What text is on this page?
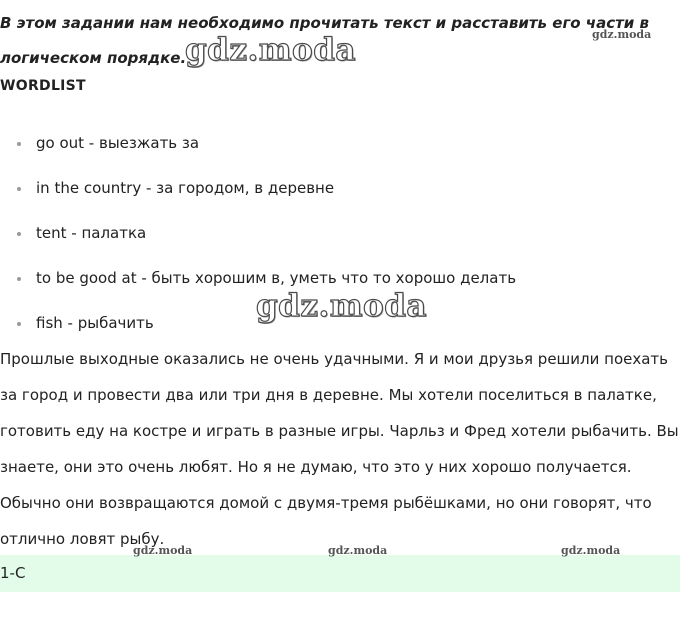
В этом задании нам необходимо прочитать текст и расставить его части в логическом порядке.

WORDLIST
go out - выезжать за
in the country - за городом, в деревне
tent - палатка
to be good at - быть хорошим в, уметь что то хорошо делать
fish - рыбачить

Прошлые выходные оказались не очень удачными. Я и мои друзья решили поехать за город и провести два или три дня в деревне. Мы хотели поселиться в палатке, готовить еду на костре и играть в разные игры. Чарльз и Фред хотели рыбачить. Вы знаете, они это очень любят. Но я не думаю, что это у них хорошо получается. Обычно они возвращаются домой с двумя-тремя рыбёшками, но они говорят, что отлично ловят рыбу.

1-C
gdz.moda	gdz.moda
gdz.moda
gdz.moda	gdz.moda	gdz.moda
